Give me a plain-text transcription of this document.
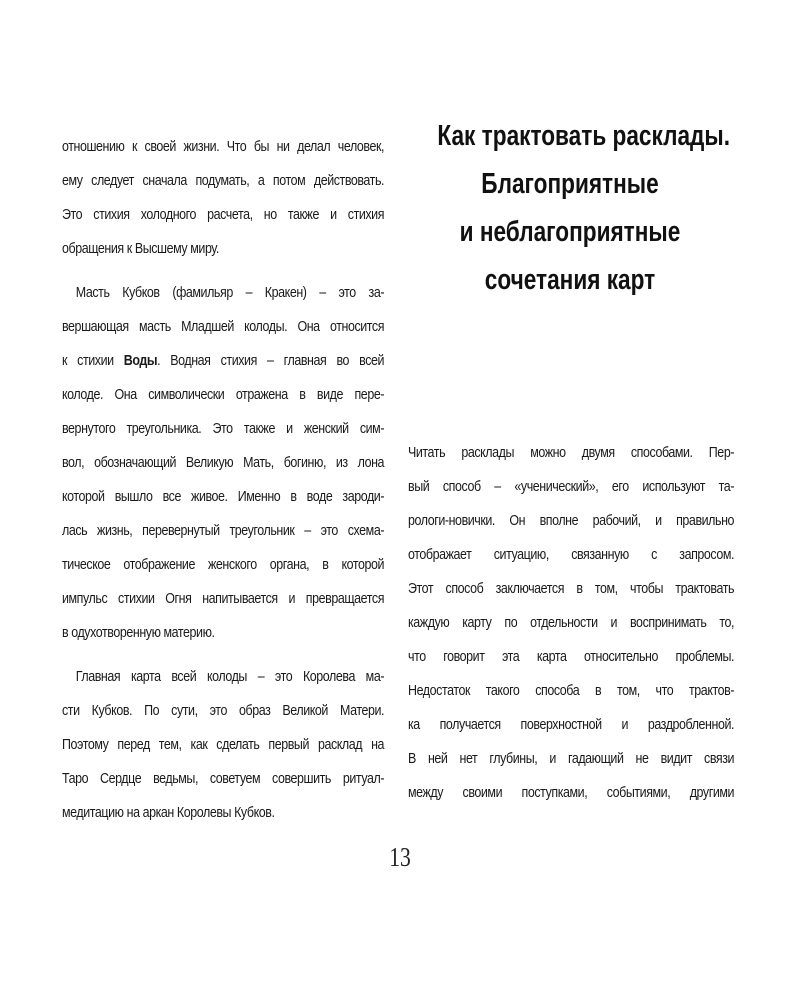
отношению к своей жизни. Что бы ни делал человек,
ему следует сначала подумать, а потом действовать.
Это стихия холодного расчета, но также и стихия
обращения к Высшему миру.
Масть Кубков (фамильяр – Кракен) – это за-
вершающая масть Младшей колоды. Она относится
к стихии Воды. Водная стихия – главная во всей
колоде. Она символически отражена в виде пере-
вернутого треугольника. Это также и женский сим-
вол, обозначающий Великую Мать, богиню, из лона
которой вышло все живое. Именно в воде зароди-
лась жизнь, перевернутый треугольник – это схема-
тическое отображение женского органа, в которой
импульс стихии Огня напитывается и превращается
в одухотворенную материю.
Главная карта всей колоды – это Королева ма-
сти Кубков. По сути, это образ Великой Матери.
Поэтому перед тем, как сделать первый расклад на
Таро Сердце ведьмы, советуем совершить ритуал-
медитацию на аркан Королевы Кубков.
Как трактовать расклады.
Благоприятные
и неблагоприятные
сочетания карт
Читать расклады можно двумя способами. Пер-
вый способ – «ученический», его используют та-
рологи-новички. Он вполне рабочий, и правильно
отображает ситуацию, связанную с запросом.
Этот способ заключается в том, чтобы трактовать
каждую карту по отдельности и воспринимать то,
что говорит эта карта относительно проблемы.
Недостаток такого способа в том, что трактов-
ка получается поверхностной и раздробленной.
В ней нет глубины, и гадающий не видит связи
между своими поступками, событиями, другими
13
